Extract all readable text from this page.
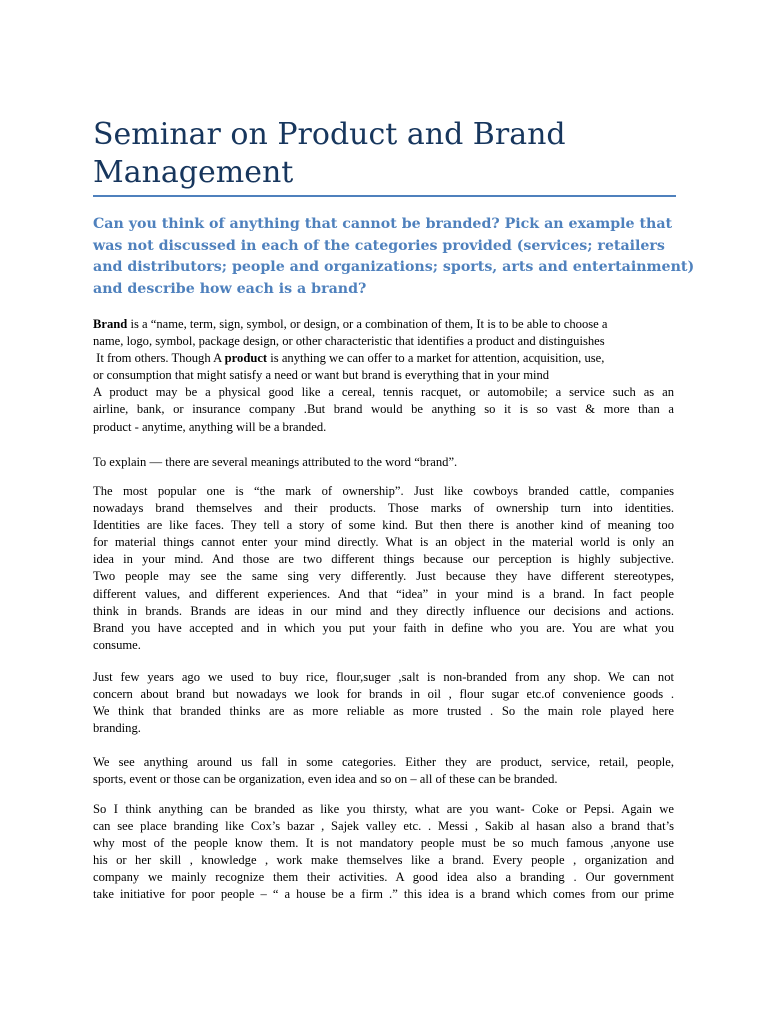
Seminar on Product and Brand
Management
Can you think of anything that cannot be branded? Pick an example that
was not discussed in each of the categories provided (services; retailers
and distributors; people and organizations; sports, arts and entertainment)
and describe how each is a brand?
Brand is a “name, term, sign, symbol, or design, or a combination of them, It is to be able to choose a
name, logo, symbol, package design, or other characteristic that identifies a product and distinguishes
It from others. Though A product is anything we can offer to a market for attention, acquisition, use,
or consumption that might satisfy a need or want but brand is everything that in your mind
A product may be a physical good like a cereal, tennis racquet, or automobile; a service such as an
airline, bank, or insurance company .But brand would be anything so it is so vast & more than a
product - anytime, anything will be a branded.
To explain — there are several meanings attributed to the word “brand”.
The most popular one is “the mark of ownership”. Just like cowboys branded cattle, companies
nowadays brand themselves and their products. Those marks of ownership turn into identities.
Identities are like faces. They tell a story of some kind. But then there is another kind of meaning too
for material things cannot enter your mind directly. What is an object in the material world is only an
idea in your mind. And those are two different things because our perception is highly subjective.
Two people may see the same sing very differently. Just because they have different stereotypes,
different values, and different experiences. And that “idea” in your mind is a brand. In fact people
think in brands. Brands are ideas in our mind and they directly influence our decisions and actions.
Brand you have accepted and in which you put your faith in define who you are. You are what you
consume.
Just few years ago we used to buy rice, flour,suger ,salt is non-branded from any shop. We can not
concern about brand but nowadays we look for brands in oil , flour sugar etc.of convenience goods .
We think that branded thinks are as more reliable as more trusted . So the main role played here
branding.
We see anything around us fall in some categories. Either they are product, service, retail, people,
sports, event or those can be organization, even idea and so on – all of these can be branded.
So I think anything can be branded as like you thirsty, what are you want- Coke or Pepsi. Again we
can see place branding like Cox’s bazar , Sajek valley etc. . Messi , Sakib al hasan also a brand that’s
why most of the people know them. It is not mandatory people must be so much famous ,anyone use
his or her skill , knowledge , work make themselves like a brand. Every people , organization and
company we mainly recognize them their activities. A good idea also a branding . Our government
take initiative for poor people – “ a house be a firm .” this idea is a brand which comes from our prime
